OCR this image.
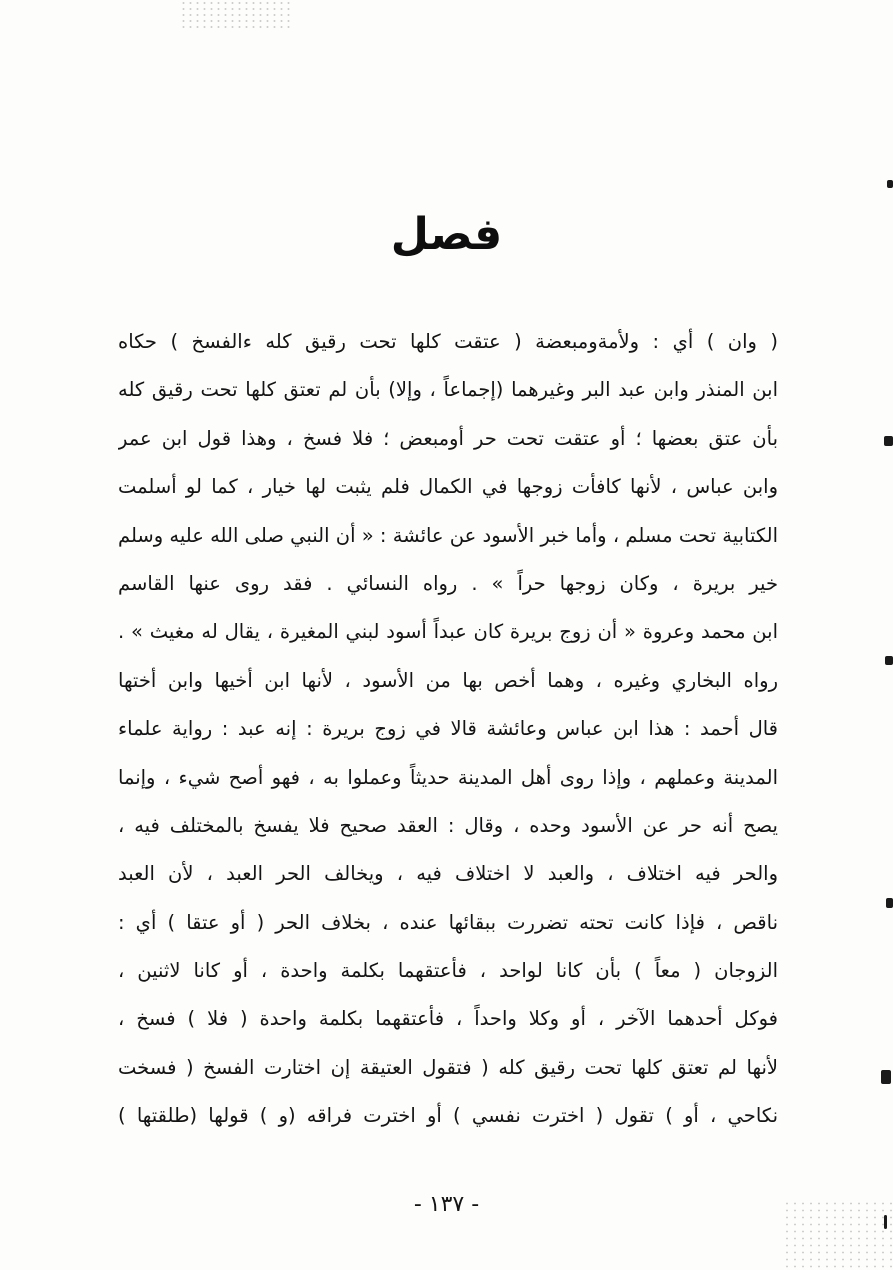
فصل
( وان ) أي : ولأمةومبعضة ( عتقت كلها تحت رقيق كله ءالفسخ ) حكاه
ابن المنذر وابن عبد البر وغيرهما (إجماعاً ، وإلا) بأن لم تعتق كلها تحت رقيق كله
بأن عتق بعضها ؛ أو عتقت تحت حر أومبعض ؛ فلا فسخ ، وهذا قول ابن عمر
وابن عباس ، لأنها كافأت زوجها في الكمال فلم يثبت لها خيار ، كما لو أسلمت
الكتابية تحت مسلم ، وأما خبر الأسود عن عائشة : « أن النبي صلى الله عليه وسلم
خير بريرة ، وكان زوجها حراً » . رواه النسائي . فقد روى عنها القاسم
ابن محمد وعروة « أن زوج بريرة كان عبداً أسود لبني المغيرة ، يقال له مغيث » .
رواه البخاري وغيره ، وهما أخص بها من الأسود ، لأنها ابن أخيها وابن أختها
قال أحمد : هذا ابن عباس وعائشة قالا في زوج بريرة : إنه عبد : رواية علماء
المدينة وعملهم ، وإذا روى أهل المدينة حديثاً وعملوا به ، فهو أصح شيء ، وإنما
يصح أنه حر عن الأسود وحده ، وقال : العقد صحيح فلا يفسخ بالمختلف فيه ،
والحر فيه اختلاف ، والعبد لا اختلاف فيه ، ويخالف الحر العبد ، لأن العبد
ناقص ، فإذا كانت تحته تضررت ببقائها عنده ، بخلاف الحر ( أو عتقا ) أي :
الزوجان ( معاً ) بأن كانا لواحد ، فأعتقهما بكلمة واحدة ، أو كانا لاثنين ،
فوكل أحدهما الآخر ، أو وكلا واحداً ، فأعتقهما بكلمة واحدة ( فلا ) فسخ ،
لأنها لم تعتق كلها تحت رقيق كله ( فتقول العتيقة إن اختارت الفسخ ( فسخت
نكاحي ، أو ) تقول ( اخترت نفسي ) أو اخترت فراقه (و ) قولها (طلقتها )
- ١٣٧ -
